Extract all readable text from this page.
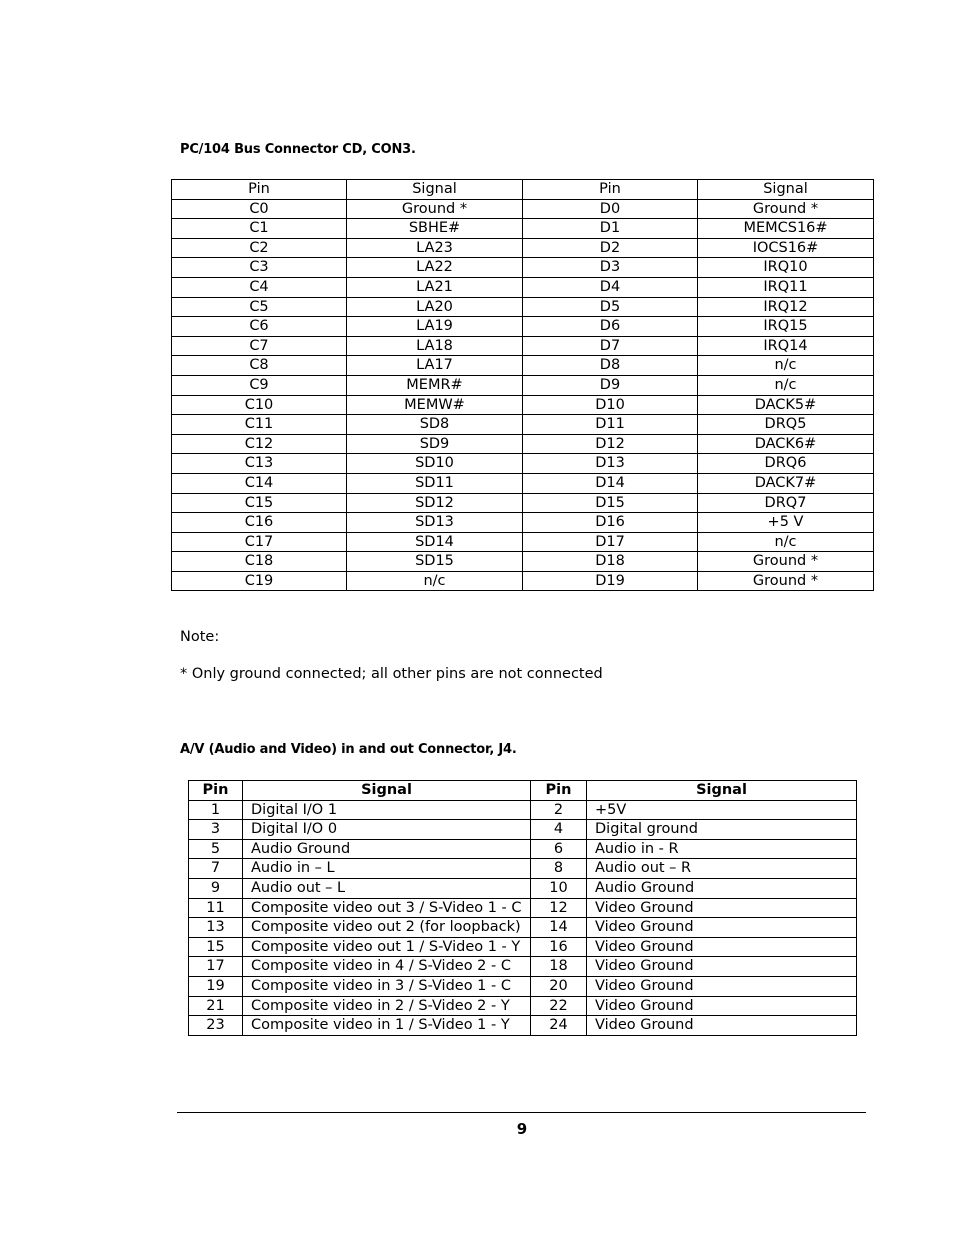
PC/104 Bus Connector CD, CON3.
Pin	Signal	Pin	Signal
C0	Ground *	D0	Ground *
C1	SBHE#	D1	MEMCS16#
C2	LA23	D2	IOCS16#
C3	LA22	D3	IRQ10
C4	LA21	D4	IRQ11
C5	LA20	D5	IRQ12
C6	LA19	D6	IRQ15
C7	LA18	D7	IRQ14
C8	LA17	D8	n/c
C9	MEMR#	D9	n/c
C10	MEMW#	D10	DACK5#
C11	SD8	D11	DRQ5
C12	SD9	D12	DACK6#
C13	SD10	D13	DRQ6
C14	SD11	D14	DACK7#
C15	SD12	D15	DRQ7
C16	SD13	D16	+5 V
C17	SD14	D17	n/c
C18	SD15	D18	Ground *
C19	n/c	D19	Ground *
Note:
* Only ground connected; all other pins are not connected
A/V (Audio and Video) in and out Connector, J4.
Pin	Signal	Pin	Signal
1	Digital I/O 1	2	+5V
3	Digital I/O 0	4	Digital ground
5	Audio Ground	6	Audio in - R
7	Audio in – L	8	Audio out – R
9	Audio out – L	10	Audio Ground
11	Composite video out 3 / S-Video 1 - C	12	Video Ground
13	Composite video out 2 (for loopback)	14	Video Ground
15	Composite video out 1 / S-Video 1 - Y	16	Video Ground
17	Composite video in 4 / S-Video 2 - C	18	Video Ground
19	Composite video in 3 / S-Video 1 - C	20	Video Ground
21	Composite video in 2 / S-Video 2 - Y	22	Video Ground
23	Composite video in 1 / S-Video 1 - Y	24	Video Ground
9
